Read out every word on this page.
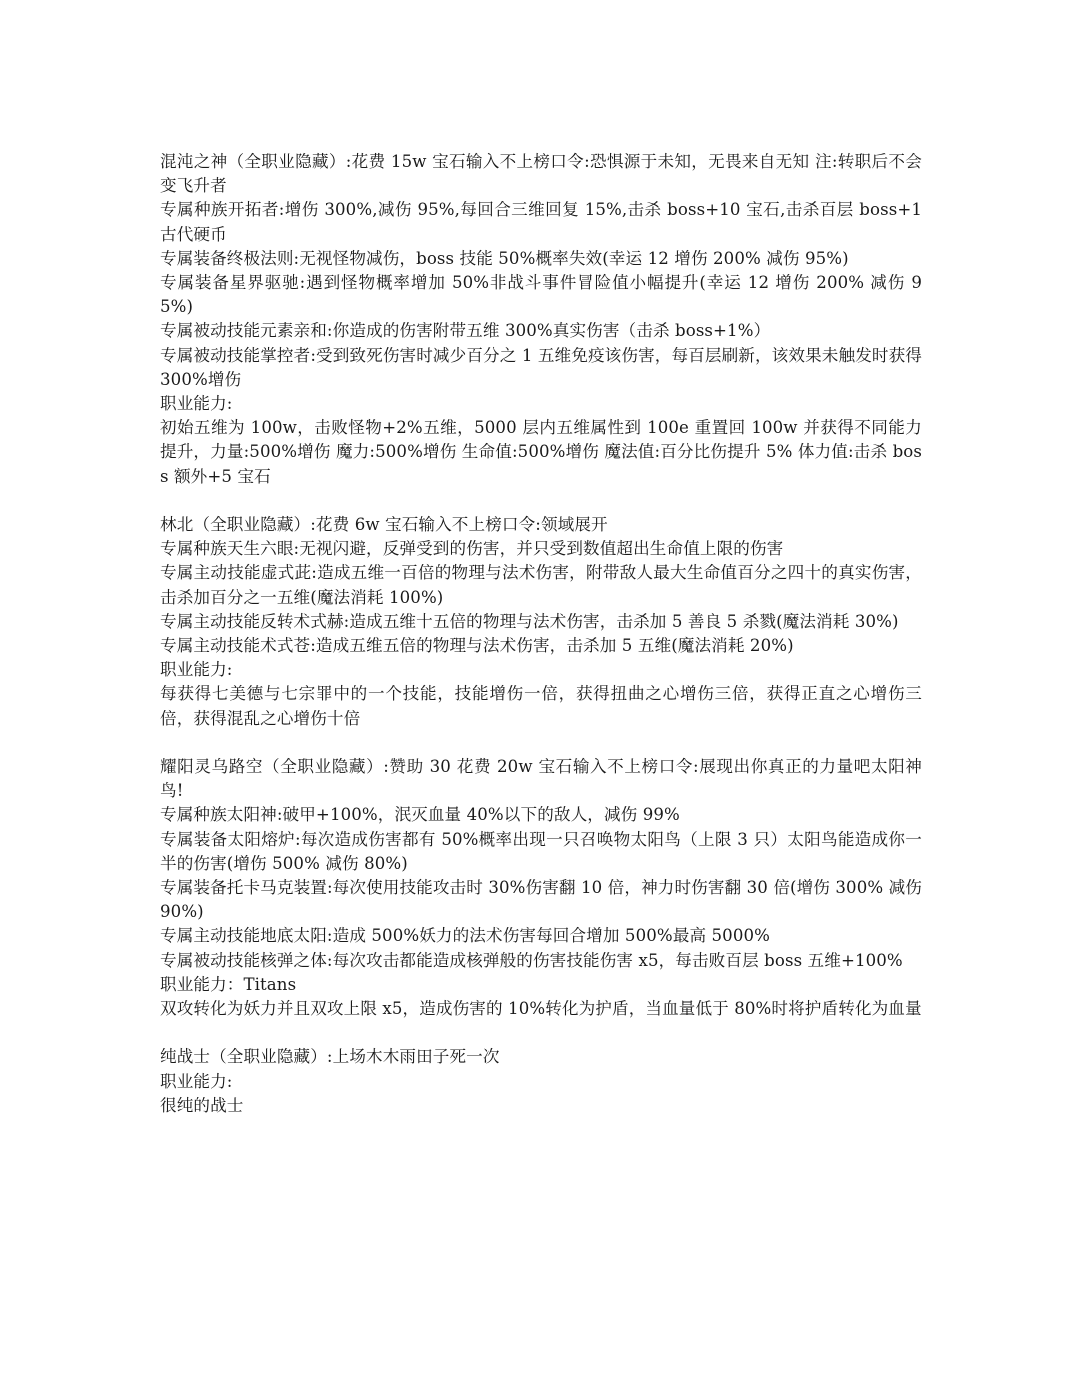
混沌之神（全职业隐藏）:花费 15w 宝石输入不上榜口令:恐惧源于未知，无畏来自无知 注:转职后不会变飞升者

专属种族开拓者:增伤 300%,减伤 95%,每回合三维回复 15%,击杀 boss+10 宝石,击杀百层 boss+1 古代硬币

专属装备终极法则:无视怪物减伤，boss 技能 50%概率失效(幸运 12 增伤 200% 减伤 95%)

专属装备星界驱驰:遇到怪物概率增加 50%非战斗事件冒险值小幅提升(幸运 12 增伤 200% 减伤 95%)

专属被动技能元素亲和:你造成的伤害附带五维 300%真实伤害（击杀 boss+1%）

专属被动技能掌控者:受到致死伤害时减少百分之 1 五维免疫该伤害，每百层刷新，该效果未触发时获得 300%增伤

职业能力:

初始五维为 100w，击败怪物+2%五维，5000 层内五维属性到 100e 重置回 100w 并获得不同能力提升，力量:500%增伤 魔力:500%增伤 生命值:500%增伤 魔法值:百分比伤提升 5% 体力值:击杀 boss 额外+5 宝石

林北（全职业隐藏）:花费 6w 宝石输入不上榜口令:领域展开

专属种族天生六眼:无视闪避，反弹受到的伤害，并只受到数值超出生命值上限的伤害

专属主动技能虚式茈:造成五维一百倍的物理与法术伤害，附带敌人最大生命值百分之四十的真实伤害，击杀加百分之一五维(魔法消耗 100%)

专属主动技能反转术式赫:造成五维十五倍的物理与法术伤害，击杀加 5 善良 5 杀戮(魔法消耗 30%)

专属主动技能术式苍:造成五维五倍的物理与法术伤害，击杀加 5 五维(魔法消耗 20%)

职业能力:

每获得七美德与七宗罪中的一个技能，技能增伤一倍，获得扭曲之心增伤三倍，获得正直之心增伤三倍，获得混乱之心增伤十倍

耀阳灵乌路空（全职业隐藏）:赞助 30 花费 20w 宝石输入不上榜口令:展现出你真正的力量吧太阳神鸟!

专属种族太阳神:破甲+100%，泯灭血量 40%以下的敌人，减伤 99%

专属装备太阳熔炉:每次造成伤害都有 50%概率出现一只召唤物太阳鸟（上限 3 只）太阳鸟能造成你一半的伤害(增伤 500% 减伤 80%)

专属装备托卡马克装置:每次使用技能攻击时 30%伤害翻 10 倍，神力时伤害翻 30 倍(增伤 300% 减伤 90%)

专属主动技能地底太阳:造成 500%妖力的法术伤害每回合增加 500%最高 5000%

专属被动技能核弹之体:每次攻击都能造成核弹般的伤害技能伤害 x5，每击败百层 boss 五维+100%

职业能力：Titans

双攻转化为妖力并且双攻上限 x5，造成伤害的 10%转化为护盾，当血量低于 80%时将护盾转化为血量

纯战士（全职业隐藏）:上场木木雨田子死一次

职业能力:

很纯的战士
